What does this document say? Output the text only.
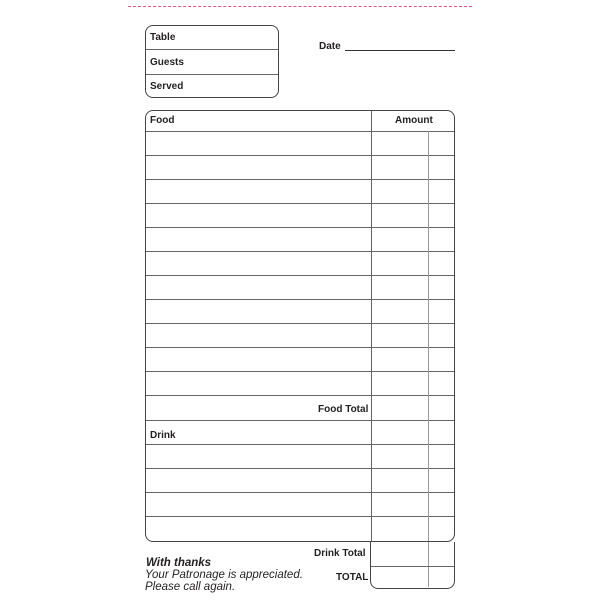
Table
Guests
Served
Date
Food	Amount
Food Total
Drink
Drink Total
TOTAL
With thanks
Your Patronage is appreciated.
Please call again.
